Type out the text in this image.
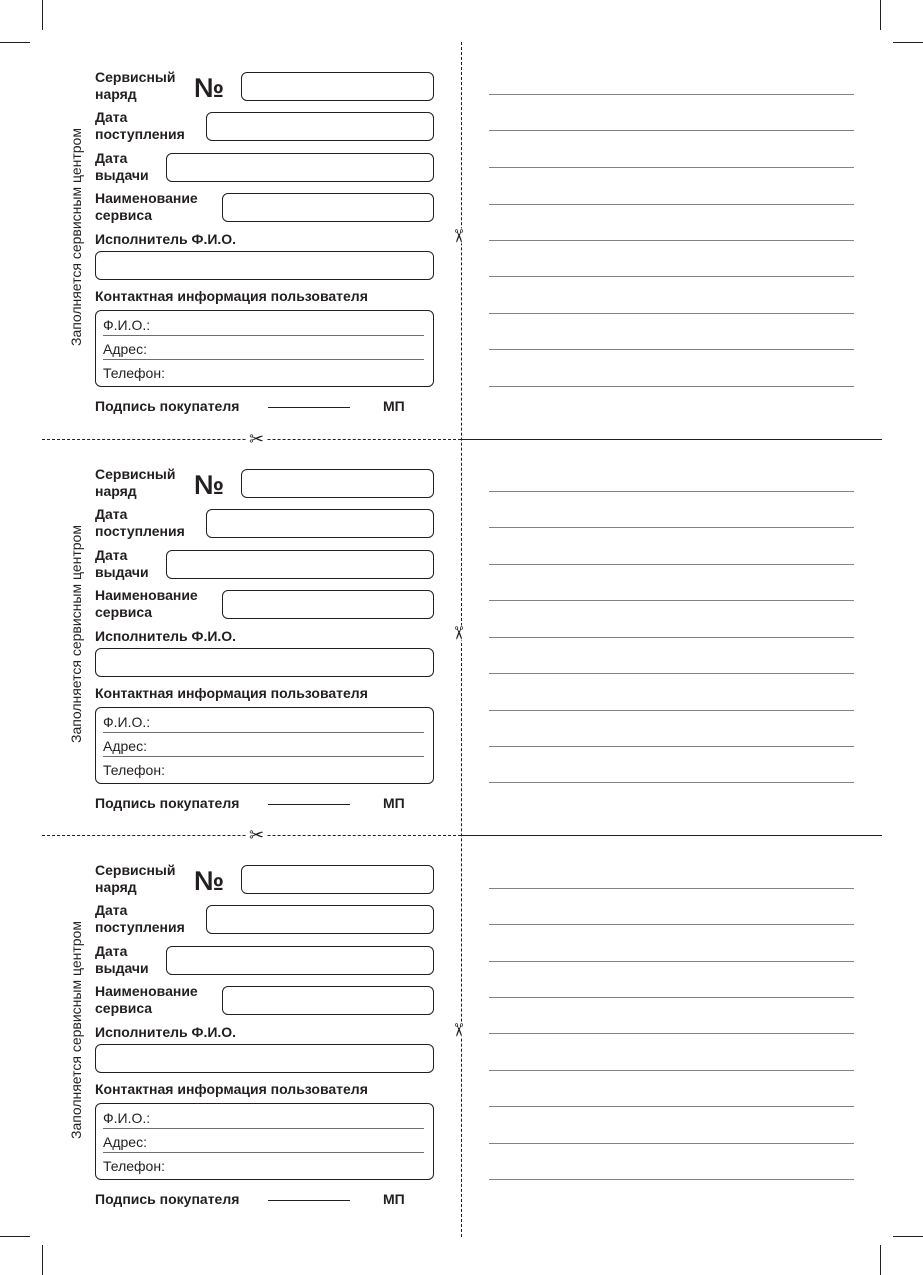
✂
✂
✂
✂
✂
Заполняется сервисным центром
Сервисный
наряд	№
Дата
поступления
Дата
выдачи
Наименование
сервиса
Исполнитель Ф.И.О.
Контактная информация пользователя
Ф.И.О.:
Адрес:
Телефон:
Подпись покупателя	МП
Заполняется сервисным центром
Сервисный
наряд	№
Дата
поступления
Дата
выдачи
Наименование
сервиса
Исполнитель Ф.И.О.
Контактная информация пользователя
Ф.И.О.:
Адрес:
Телефон:
Подпись покупателя	МП
Заполняется сервисным центром
Сервисный
наряд	№
Дата
поступления
Дата
выдачи
Наименование
сервиса
Исполнитель Ф.И.О.
Контактная информация пользователя
Ф.И.О.:
Адрес:
Телефон:
Подпись покупателя	МП
